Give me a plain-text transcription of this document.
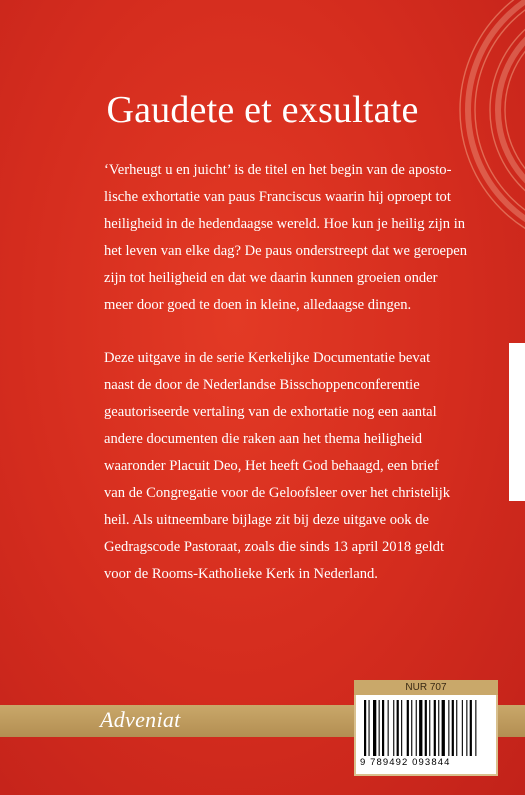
Gaudete et exsultate

‘Verheugt u en juicht’ is de titel en het begin van de aposto-
lische exhortatie van paus Franciscus waarin hij oproept tot
heiligheid in de hedendaagse wereld. Hoe kun je heilig zijn in
het leven van elke dag? De paus onderstreept dat we geroepen
zijn tot heiligheid en dat we daarin kunnen groeien onder
meer door goed te doen in kleine, alledaagse dingen.

Deze uitgave in de serie Kerkelijke Documentatie bevat
naast de door de Nederlandse Bisschoppenconferentie
geautoriseerde vertaling van de exhortatie nog een aantal
andere documenten die raken aan het thema heiligheid
waaronder Placuit Deo, Het heeft God behaagd, een brief
van de Congregatie voor de Geloofsleer over het christelijk
heil. Als uitneembare bijlage zit bij deze uitgave ook de
Gedragscode Pastoraat, zoals die sinds 13 april 2018 geldt
voor de Rooms-Katholieke Kerk in Nederland.

Adveniat
NUR 707
9 789492 093844
